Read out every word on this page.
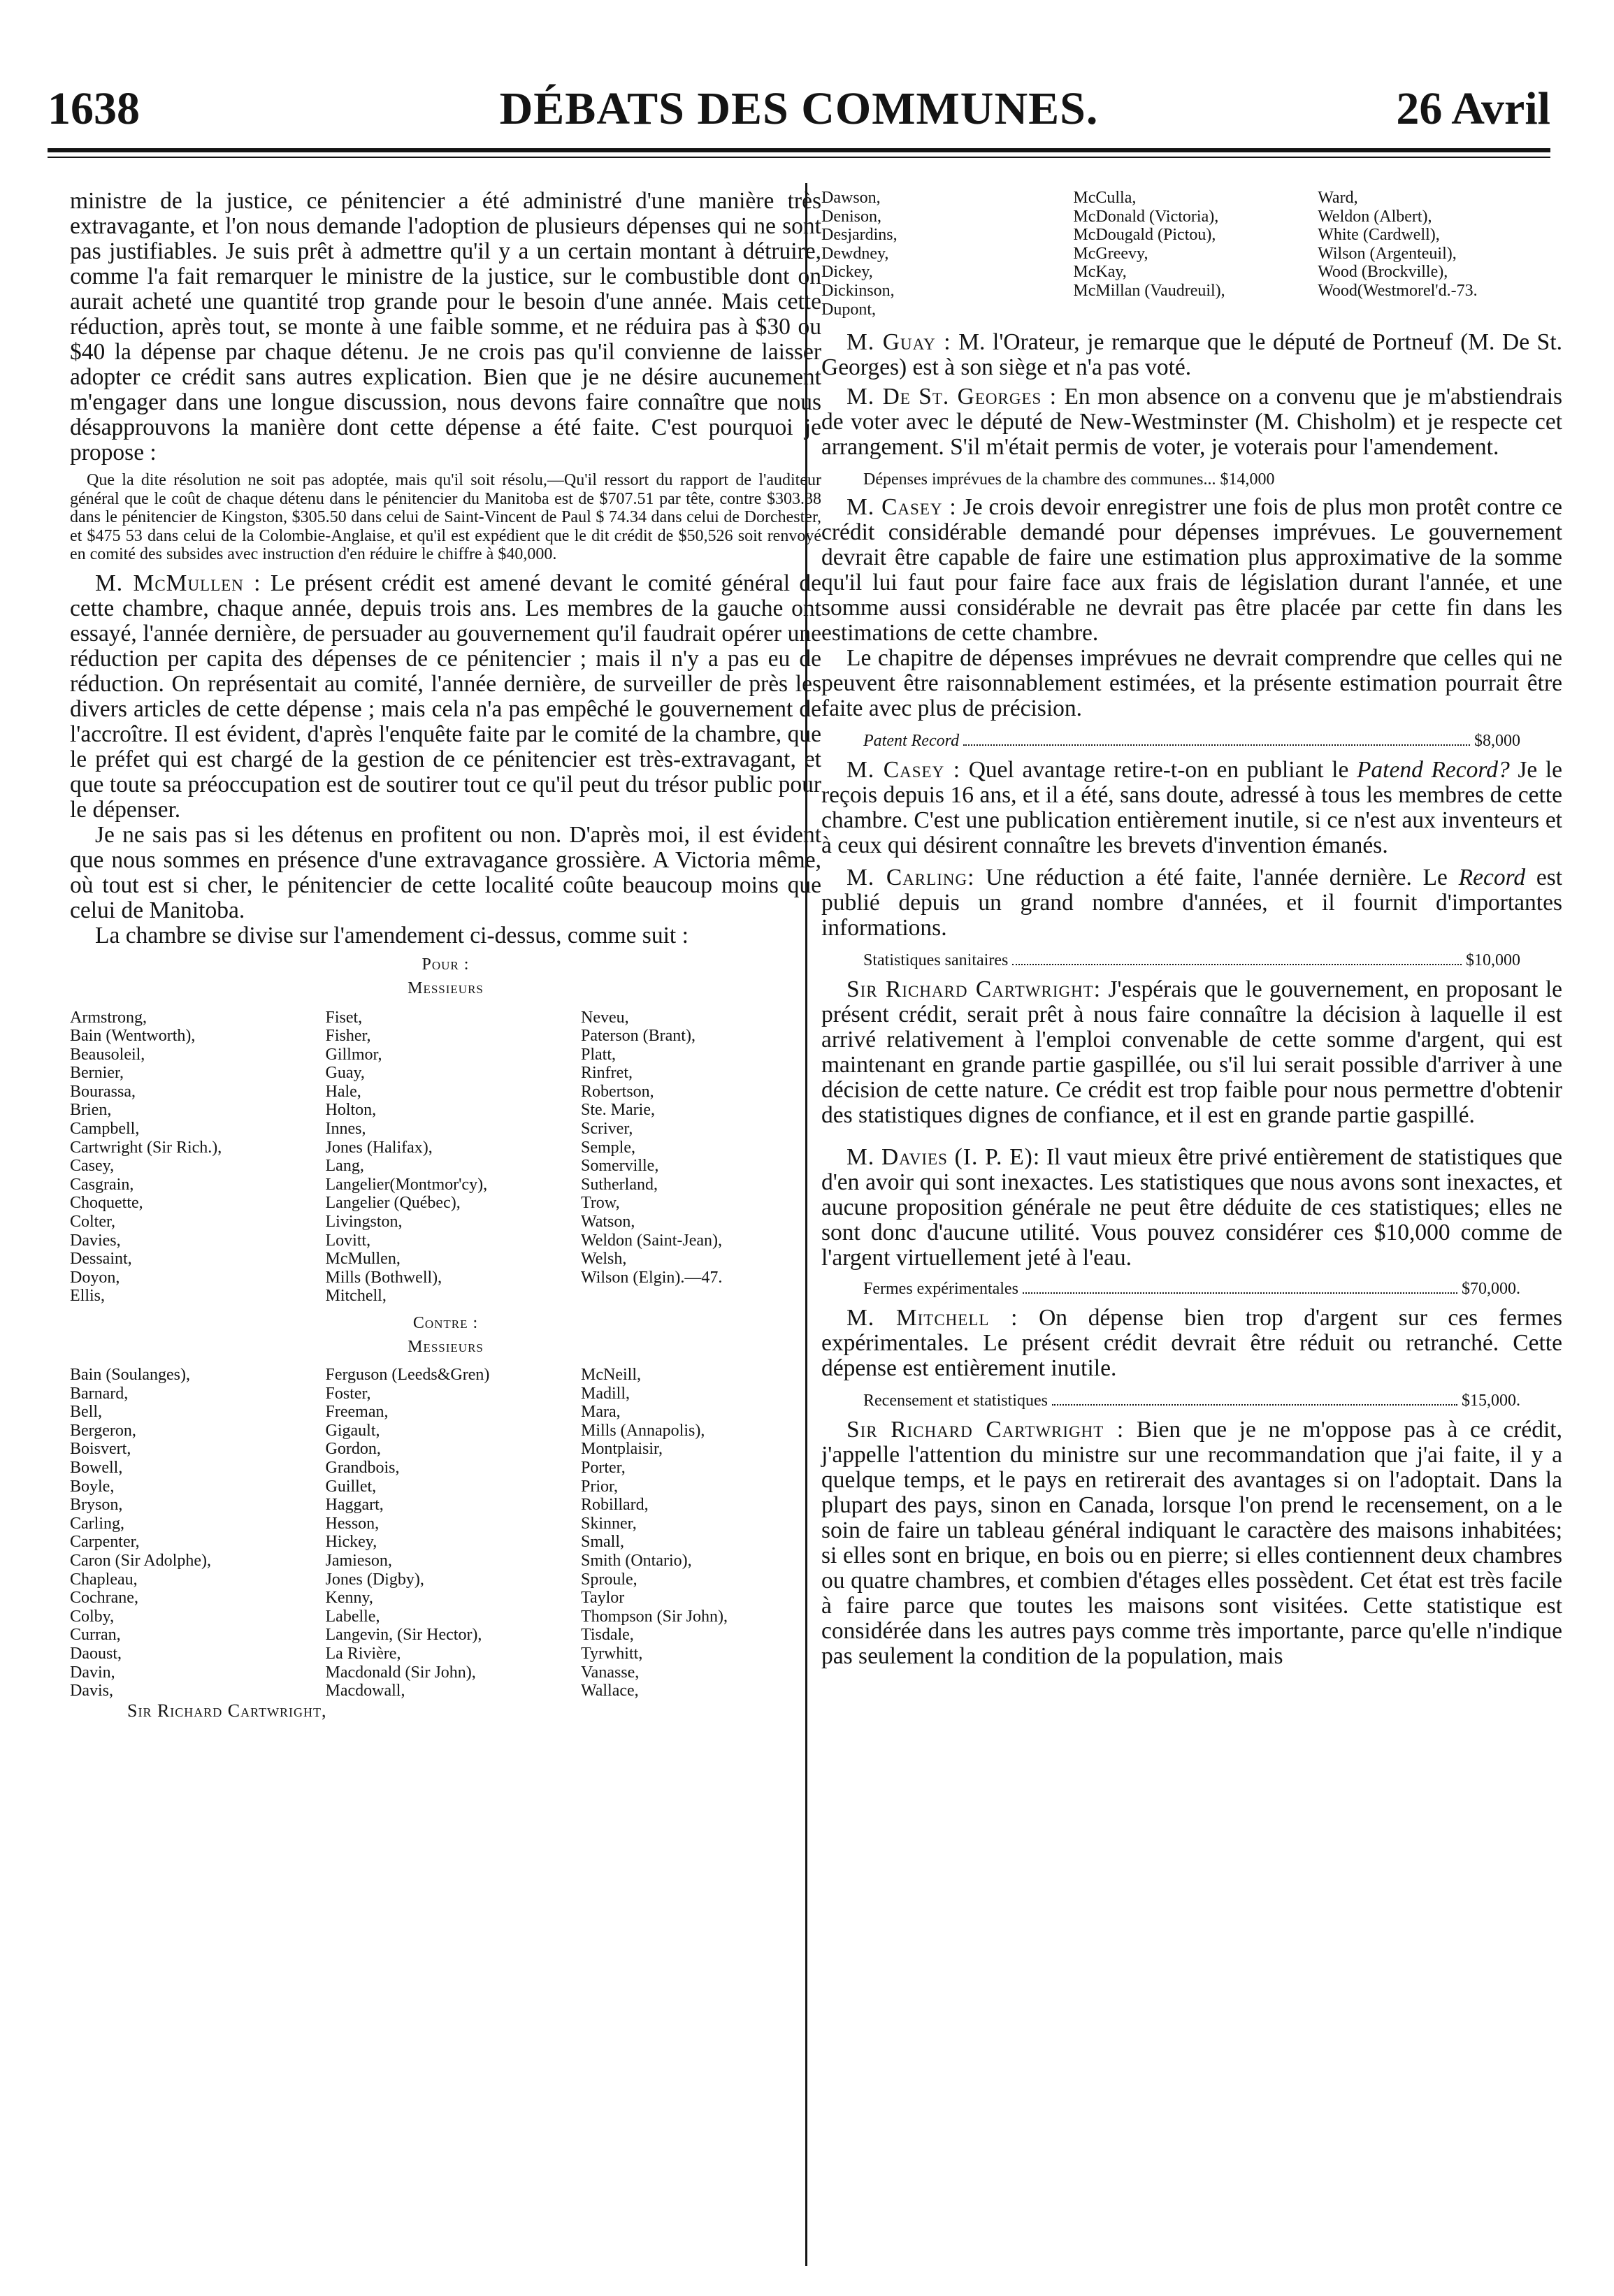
1638	DÉBATS DES COMMUNES.	26 Avril

ministre de la justice, ce pénitencier a été administré d'une manière très extravagante, et l'on nous demande l'adoption de plusieurs dépenses qui ne sont pas justifiables. Je suis prêt à admettre qu'il y a un certain montant à détruire, comme l'a fait remarquer le ministre de la justice, sur le combustible dont on aurait acheté une quantité trop grande pour le besoin d'une année. Mais cette réduction, après tout, se monte à une faible somme, et ne réduira pas à $30 ou $40 la dépense par chaque détenu. Je ne crois pas qu'il convienne de laisser adopter ce crédit sans autres explication. Bien que je ne désire aucunement m'engager dans une longue discussion, nous devons faire connaître que nous désapprouvons la manière dont cette dépense a été faite. C'est pourquoi je propose :

Que la dite résolution ne soit pas adoptée, mais qu'il soit résolu,—Qu'il ressort du rapport de l'auditeur général que le coût de chaque détenu dans le pénitencier du Manitoba est de $707.51 par tête, contre $303.38 dans le pénitencier de Kingston, $305.50 dans celui de Saint-Vincent de Paul $ 74.34 dans celui de Dorchester, et $475 53 dans celui de la Colombie-Anglaise, et qu'il est expédient que le dit crédit de $50,526 soit renvoyé en comité des subsides avec instruction d'en réduire le chiffre à $40,000.

M. McMullen : Le présent crédit est amené devant le comité général de cette chambre, chaque année, depuis trois ans. Les membres de la gauche ont essayé, l'année dernière, de persuader au gouvernement qu'il faudrait opérer une réduction per capita des dépenses de ce pénitencier ; mais il n'y a pas eu de réduction. On représentait au comité, l'année dernière, de surveiller de près les divers articles de cette dépense ; mais cela n'a pas empêché le gouvernement de l'accroître. Il est évident, d'après l'enquête faite par le comité de la chambre, que le préfet qui est chargé de la gestion de ce pénitencier est très-extravagant, et que toute sa préoccupation est de soutirer tout ce qu'il peut du trésor public pour le dépenser.

Je ne sais pas si les détenus en profitent ou non. D'après moi, il est évident que nous sommes en présence d'une extravagance grossière. A Victoria même, où tout est si cher, le pénitencier de cette localité coûte beaucoup moins que celui de Manitoba.

La chambre se divise sur l'amendement ci-dessus, comme suit :

Pour :

Messieurs

Armstrong,	Fiset,	Neveu,
Bain (Wentworth),	Fisher,	Paterson (Brant),
Beausoleil,	Gillmor,	Platt,
Bernier,	Guay,	Rinfret,
Bourassa,	Hale,	Robertson,
Brien,	Holton,	Ste. Marie,
Campbell,	Innes,	Scriver,
Cartwright (Sir Rich.),	Jones (Halifax),	Semple,
Casey,	Lang,	Somerville,
Casgrain,	Langelier(Montmor'cy),	Sutherland,
Choquette,	Langelier (Québec),	Trow,
Colter,	Livingston,	Watson,
Davies,	Lovitt,	Weldon (Saint-Jean),
Dessaint,	McMullen,	Welsh,
Doyon,	Mills (Bothwell),	Wilson (Elgin).—47.
Ellis,	Mitchell,	

Contre :

Messieurs

Bain (Soulanges),	Ferguson (Leeds&Gren)	McNeill,
Barnard,	Foster,	Madill,
Bell,	Freeman,	Mara,
Bergeron,	Gigault,	Mills (Annapolis),
Boisvert,	Gordon,	Montplaisir,
Bowell,	Grandbois,	Porter,
Boyle,	Guillet,	Prior,
Bryson,	Haggart,	Robillard,
Carling,	Hesson,	Skinner,
Carpenter,	Hickey,	Small,
Caron (Sir Adolphe),	Jamieson,	Smith (Ontario),
Chapleau,	Jones (Digby),	Sproule,
Cochrane,	Kenny,	Taylor
Colby,	Labelle,	Thompson (Sir John),
Curran,	Langevin, (Sir Hector),	Tisdale,
Daoust,	La Rivière,	Tyrwhitt,
Davin,	Macdonald (Sir John),	Vanasse,
Davis,	Macdowall,	Wallace,

Sir Richard Cartwright,

Dawson,	McCulla,	Ward,
Denison,	McDonald (Victoria),	Weldon (Albert),
Desjardins,	McDougald (Pictou),	White (Cardwell),
Dewdney,	McGreevy,	Wilson (Argenteuil),
Dickey,	McKay,	Wood (Brockville),
Dickinson,	McMillan (Vaudreuil),	Wood(Westmorel'd.-73.
Dupont,		

M. Guay : M. l'Orateur, je remarque que le député de Portneuf (M. De St. Georges) est à son siège et n'a pas voté.

M. De St. Georges : En mon absence on a convenu que je m'abstiendrais de voter avec le député de New-Westminster (M. Chisholm) et je respecte cet arrangement. S'il m'était permis de voter, je voterais pour l'amendement.

Dépenses imprévues de la chambre des communes... $14,000

M. Casey : Je crois devoir enregistrer une fois de plus mon protêt contre ce crédit considérable demandé pour dépenses imprévues. Le gouvernement devrait être capable de faire une estimation plus approximative de la somme qu'il lui faut pour faire face aux frais de législation durant l'année, et une somme aussi considérable ne devrait pas être placée par cette fin dans les estimations de cette chambre.

Le chapitre de dépenses imprévues ne devrait comprendre que celles qui ne peuvent être raisonnablement estimées, et la présente estimation pourrait être faite avec plus de précision.

Patent Record	$8,000

M. Casey : Quel avantage retire-t-on en publiant le Patend Record? Je le reçois depuis 16 ans, et il a été, sans doute, adressé à tous les membres de cette chambre. C'est une publication entièrement inutile, si ce n'est aux inventeurs et à ceux qui désirent connaître les brevets d'invention émanés.

M. Carling: Une réduction a été faite, l'année dernière. Le Record est publié depuis un grand nombre d'années, et il fournit d'importantes informations.

Statistiques sanitaires	$10,000

Sir Richard Cartwright: J'espérais que le gouvernement, en proposant le présent crédit, serait prêt à nous faire connaître la décision à laquelle il est arrivé relativement à l'emploi convenable de cette somme d'argent, qui est maintenant en grande partie gaspillée, ou s'il lui serait possible d'arriver à une décision de cette nature. Ce crédit est trop faible pour nous permettre d'obtenir des statistiques dignes de confiance, et il est en grande partie gaspillé.

M. Davies (I. P. E): Il vaut mieux être privé entièrement de statistiques que d'en avoir qui sont inexactes. Les statistiques que nous avons sont inexactes, et aucune proposition générale ne peut être déduite de ces statistiques; elles ne sont donc d'aucune utilité. Vous pouvez considérer ces $10,000 comme de l'argent virtuellement jeté à l'eau.

Fermes expérimentales	$70,000.

M. Mitchell : On dépense bien trop d'argent sur ces fermes expérimentales. Le présent crédit devrait être réduit ou retranché. Cette dépense est entièrement inutile.

Recensement et statistiques	$15,000.

Sir Richard Cartwright : Bien que je ne m'oppose pas à ce crédit, j'appelle l'attention du ministre sur une recommandation que j'ai faite, il y a quelque temps, et le pays en retirerait des avantages si on l'adoptait. Dans la plupart des pays, sinon en Canada, lorsque l'on prend le recensement, on a le soin de faire un tableau général indiquant le caractère des maisons inhabitées; si elles sont en brique, en bois ou en pierre; si elles contiennent deux chambres ou quatre chambres, et combien d'étages elles possèdent. Cet état est très facile à faire parce que toutes les maisons sont visitées. Cette statistique est considérée dans les autres pays comme très importante, parce qu'elle n'indique pas seulement la condition de la population, mais
